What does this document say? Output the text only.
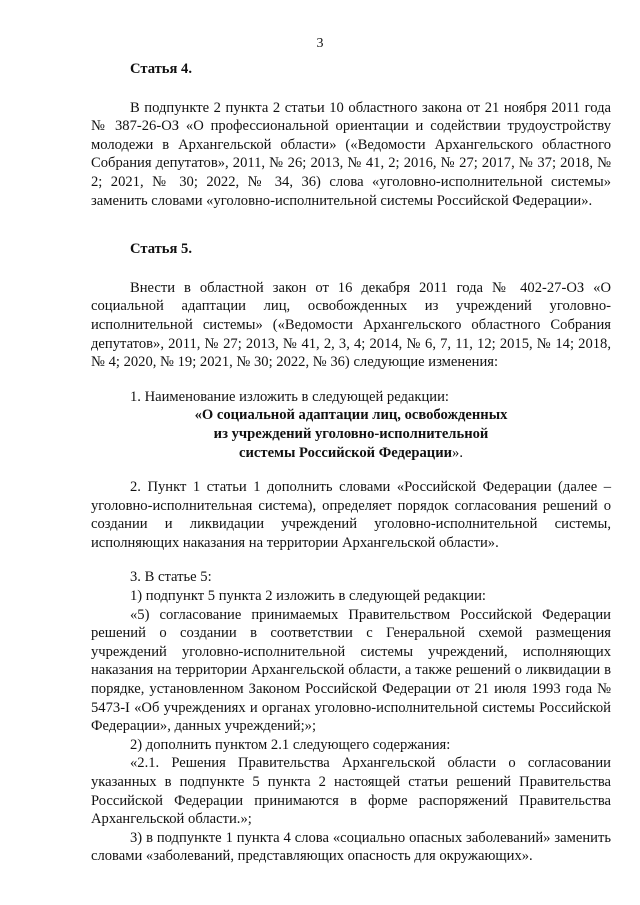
3
Статья 4.

В подпункте 2 пункта 2 статьи 10 областного закона от 21 ноября 2011 года № 387-26-ОЗ «О профессиональной ориентации и содействии трудоустройству молодежи в Архангельской области» («Ведомости Архангельского областного Собрания депутатов», 2011, № 26; 2013, № 41, 2; 2016, № 27; 2017, № 37; 2018, № 2; 2021, № 30; 2022, № 34, 36) слова «уголовно-исполнительной системы» заменить словами «уголовно-исполнительной системы Российской Федерации».

Статья 5.

Внести в областной закон от 16 декабря 2011 года № 402-27-ОЗ «О социальной адаптации лиц, освобожденных из учреждений уголовно-исполнительной системы» («Ведомости Архангельского областного Собрания депутатов», 2011, № 27; 2013, № 41, 2, 3, 4; 2014, № 6, 7, 11, 12; 2015, № 14; 2018, № 4; 2020, № 19; 2021, № 30; 2022, № 36) следующие изменения:

1. Наименование изложить в следующей редакции:

«О социальной адаптации лиц, освобожденных
из учреждений уголовно-исполнительной
системы Российской Федерации».

2. Пункт 1 статьи 1 дополнить словами «Российской Федерации (далее – уголовно-исполнительная система), определяет порядок согласования решений о создании и ликвидации учреждений уголовно-исполнительной системы, исполняющих наказания на территории Архангельской области».

3. В статье 5:

1) подпункт 5 пункта 2 изложить в следующей редакции:

«5) согласование принимаемых Правительством Российской Федерации решений о создании в соответствии с Генеральной схемой размещения учреждений уголовно-исполнительной системы учреждений, исполняющих наказания на территории Архангельской области, а также решений о ликвидации в порядке, установленном Законом Российской Федерации от 21 июля 1993 года № 5473-I «Об учреждениях и органах уголовно-исполнительной системы Российской Федерации», данных учреждений;»;

2) дополнить пунктом 2.1 следующего содержания:

«2.1. Решения Правительства Архангельской области о согласовании указанных в подпункте 5 пункта 2 настоящей статьи решений Правительства Российской Федерации принимаются в форме распоряжений Правительства Архангельской области.»;

3) в подпункте 1 пункта 4 слова «социально опасных заболеваний» заменить словами «заболеваний, представляющих опасность для окружающих».
